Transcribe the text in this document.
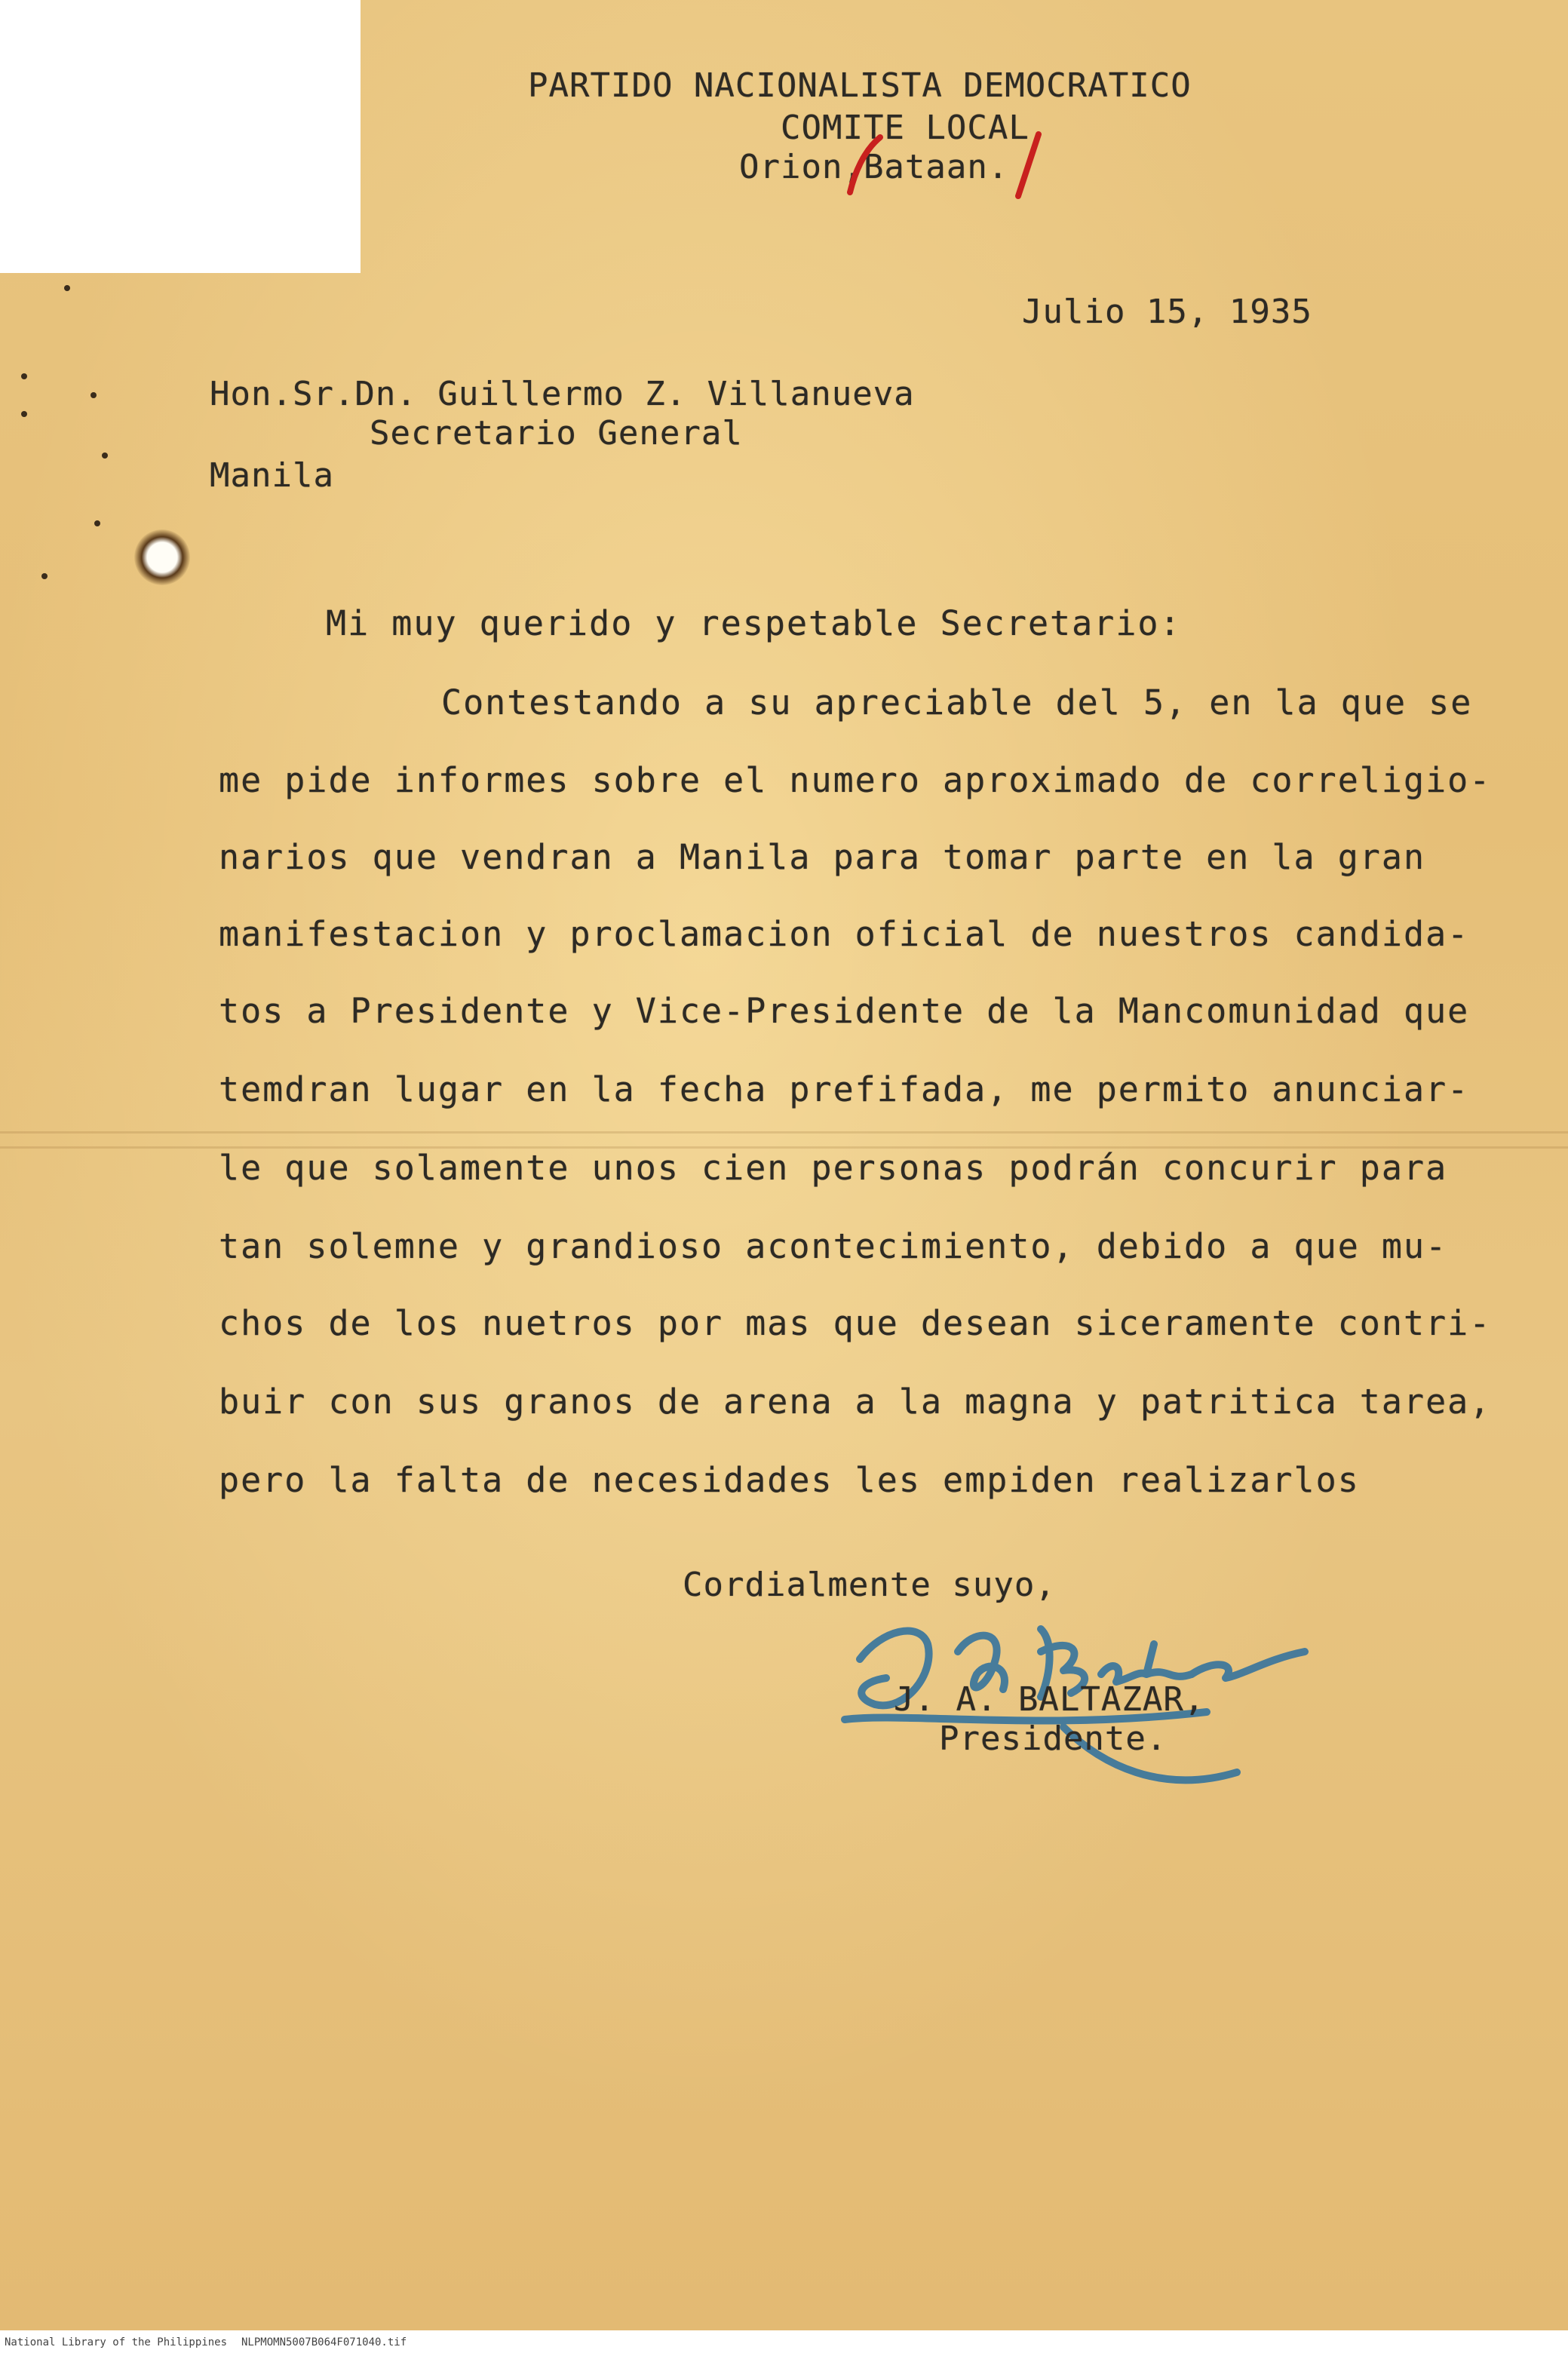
PARTIDO NACIONALISTA DEMOCRATICO
COMITE LOCAL
Orion,Bataan.
Julio 15, 1935
Hon.Sr.Dn. Guillermo Z. Villanueva
Secretario General
Manila
Mi muy querido y respetable Secretario:
Contestando a su apreciable del 5, en la que se
me pide informes sobre el numero aproximado de correligio-
narios que vendran a Manila para tomar parte en la gran
manifestacion y proclamacion oficial de nuestros candida-
tos a Presidente y Vice-Presidente de la Mancomunidad que
temdran lugar en la fecha prefifada, me permito anunciar-
le que solamente unos cien personas podrán concurir para
tan solemne y grandioso acontecimiento, debido a que mu-
chos de los nuetros por mas que desean siceramente contri-
buir con sus granos de arena a la magna y patritica tarea,
pero la falta de necesidades les empiden realizarlos
Cordialmente suyo,
J. A. BALTAZAR,
Presidente.
National Library of the Philippines NLPMOMN5007B064F071040.tif
